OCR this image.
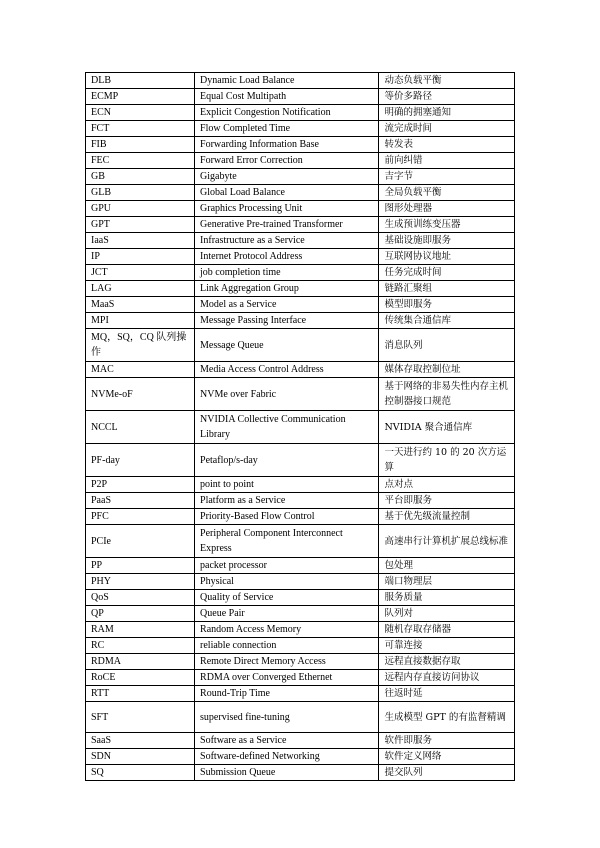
DLB	Dynamic Load Balance	动态负载平衡
ECMP	Equal Cost Multipath	等价多路径
ECN	Explicit Congestion Notification	明确的拥塞通知
FCT	Flow Completed Time	流完成时间
FIB	Forwarding Information Base	转发表
FEC	Forward Error Correction	前向纠错
GB	Gigabyte	吉字节
GLB	Global Load Balance	全局负载平衡
GPU	Graphics Processing Unit	图形处理器
GPT	Generative Pre-trained Transformer	生成预训练变压器
IaaS	Infrastructure as a Service	基础设施即服务
IP	Internet Protocol Address	互联网协议地址
JCT	job completion time	任务完成时间
LAG	Link Aggregation Group	链路汇聚组
MaaS	Model as a Service	模型即服务
MPI	Message Passing Interface	传统集合通信库
MQ，SQ，CQ 队列操作	Message Queue	消息队列
MAC	Media Access Control Address	媒体存取控制位址
NVMe-oF	NVMe over Fabric	基于网络的非易失性内存主机控制器接口规范
NCCL	NVIDIA Collective Communication Library	NVIDIA 聚合通信库
PF-day	Petaflop/s-day	一天进行约 10 的 20 次方运算
P2P	point to point	点对点
PaaS	Platform as a Service	平台即服务
PFC	Priority-Based Flow Control	基于优先级流量控制
PCIe	Peripheral Component Interconnect Express	高速串行计算机扩展总线标准
PP	packet processor	包处理
PHY	Physical	端口物理层
QoS	Quality of Service	服务质量
QP	Queue Pair	队列对
RAM	Random Access Memory	随机存取存储器
RC	reliable connection	可靠连接
RDMA	Remote Direct Memory Access	远程直接数据存取
RoCE	RDMA over Converged Ethernet	远程内存直接访问协议
RTT	Round-Trip Time	往返时延
SFT	supervised fine-tuning	生成模型 GPT 的有监督精调
SaaS	Software as a Service	软件即服务
SDN	Software-defined Networking	软件定义网络
SQ	Submission Queue	提交队列
